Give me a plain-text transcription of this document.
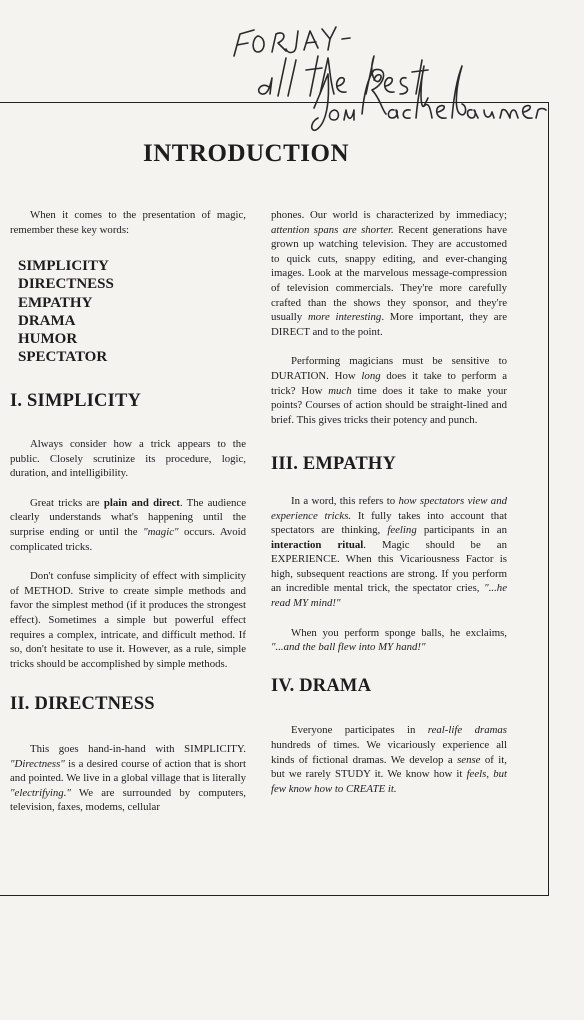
INTRODUCTION

When it comes to the presentation of magic, remember these key words:

SIMPLICITY
DIRECTNESS
EMPATHY
DRAMA
HUMOR
SPECTATOR
I. SIMPLICITY

Always consider how a trick appears to the public. Closely scrutinize its procedure, logic, duration, and intelligibility.

Great tricks are plain and direct. The audience clearly understands what's happening until the surprise ending or until the "magic" occurs. Avoid complicated tricks.

Don't confuse simplicity of effect with simplicity of METHOD. Strive to create simple methods and favor the simplest method (if it produces the strongest effect). Sometimes a simple but powerful effect requires a complex, intricate, and difficult method. If so, don't hesitate to use it. However, as a rule, simple tricks should be accomplished by simple methods.

II. DIRECTNESS

This goes hand-in-hand with SIMPLICITY. "Directness" is a desired course of action that is short and pointed. We live in a global village that is literally "electrifying." We are surrounded by computers, television, faxes, modems, cellular

phones. Our world is characterized by immediacy; attention spans are shorter. Recent generations have grown up watching television. They are accustomed to quick cuts, snappy editing, and ever-changing images. Look at the marvelous message-compression of television commercials. They're more carefully crafted than the shows they sponsor, and they're usually more interesting. More important, they are DIRECT and to the point.

Performing magicians must be sensitive to DURATION. How long does it take to perform a trick? How much time does it take to make your points? Courses of action should be straight-lined and brief. This gives tricks their potency and punch.

III. EMPATHY

In a word, this refers to how spectators view and experience tricks. It fully takes into account that spectators are thinking, feeling participants in an interaction ritual. Magic should be an EXPERIENCE. When this Vicariousness Factor is high, subsequent reactions are strong. If you perform an incredible mental trick, the spectator cries, "...he read MY mind!"

When you perform sponge balls, he exclaims, "...and the ball flew into MY hand!"

IV. DRAMA

Everyone participates in real-life dramas hundreds of times. We vicariously experience all kinds of fictional dramas. We develop a sense of it, but we rarely STUDY it. We know how it feels, but few know how to CREATE it.
